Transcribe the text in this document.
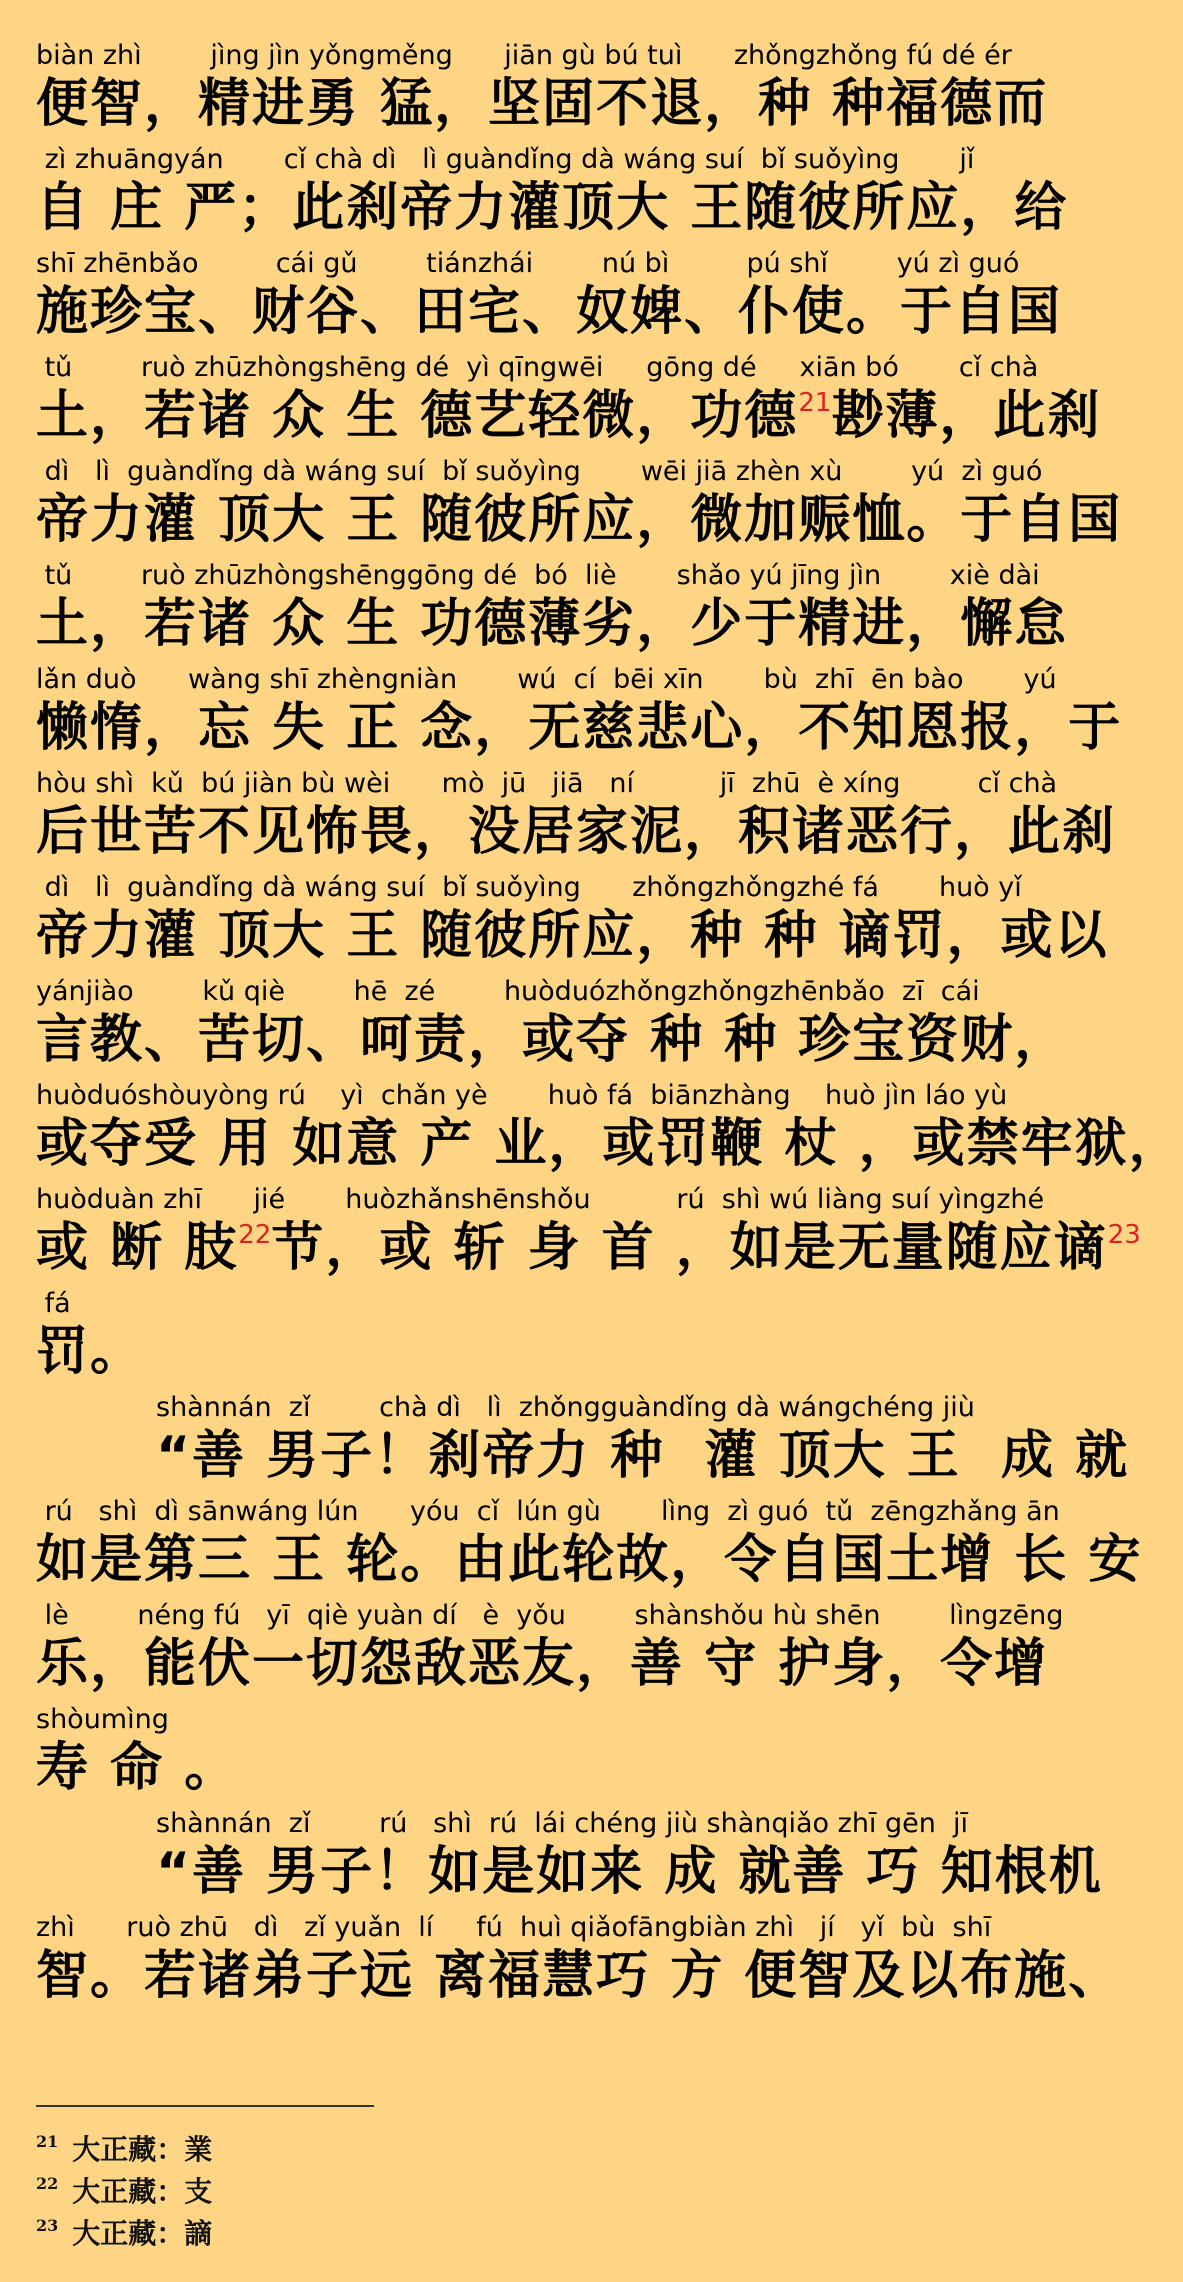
biàn zhì        jìng jìn yǒngměng      jiān gù bú tuì      zhǒngzhǒng fú dé ér
便智，精进勇 猛，坚固不退，种 种福德而
zì zhuāngyán       cǐ chà dì   lì guàndǐng dà wáng suí  bǐ suǒyìng       jǐ
自 庄 严；此刹帝力灌顶大 王随彼所应，给
shī zhēnbǎo         cái gǔ        tiánzhái        nú bì         pú shǐ        yú zì guó
施珍宝、财谷、田宅、奴婢、仆使。于自国
tǔ        ruò zhūzhòngshēng dé  yì qīngwēi     gōng dé     xiān bó       cǐ chà
土，若诸 众 生 德艺轻微，功德$^{21}$尠薄，此刹
dì   lì  guàndǐng dà wáng suí  bǐ suǒyìng       wēi jiā zhèn xù        yú  zì guó
帝力灌 顶大 王 随彼所应，微加赈恤。于自国
tǔ        ruò zhūzhòngshēnggōng dé  bó  liè       shǎo yú jīng jìn        xiè dài
土，若诸 众 生 功德薄劣，少于精进，懈怠
lǎn duò      wàng shī zhèngniàn       wú  cí  bēi xīn       bù  zhī  ēn bào       yú
懒惰，忘 失 正 念，无慈悲心，不知恩报，于
hòu shì  kǔ  bú jiàn bù wèi      mò  jū   jiā   ní          jī  zhū  è xíng         cǐ chà
后世苦不见怖畏，没居家泥，积诸恶行，此刹
dì   lì  guàndǐng dà wáng suí  bǐ suǒyìng      zhǒngzhǒngzhé fá       huò yǐ
帝力灌 顶大 王 随彼所应，种 种 谪罚，或以
yánjiào        kǔ qiè        hē  zé        huòduózhǒngzhǒngzhēnbǎo  zī  cái
言教、苦切、呵责，或夺 种 种 珍宝资财，
huòduóshòuyòng rú    yì  chǎn yè       huò fá  biānzhàng    huò jìn láo yù
或夺受 用 如意 产 业，或罚鞭 杖 ，或禁牢狱，
huòduàn zhī      jié       huòzhǎnshēnshǒu          rú  shì wú liàng suí yìngzhé
或 断 肢$^{22}$节，或 斩 身 首 ，如是无量随应谪$^{23}$
fá
罚。
shànnán  zǐ        chà dì   lì  zhǒngguàndǐng dà wángchéng jiù
“善 男子！刹帝力 种  灌 顶大 王  成 就
rú   shì  dì sānwáng lún      yóu  cǐ  lún gù       lìng  zì guó  tǔ  zēngzhǎng ān
如是第三 王 轮。由此轮故，令自国土增 长 安
lè        néng fú   yī  qiè yuàn dí   è  yǒu        shànshǒu hù shēn        lìngzēng
乐，能伏一切怨敌恶友，善 守 护身，令增
shòumìng
寿 命 。
shànnán  zǐ        rú   shì  rú  lái chéng jiù shànqiǎo zhī gēn  jī
“善 男子！如是如来 成 就善 巧 知根机
zhì      ruò zhū   dì   zǐ yuǎn  lí     fú  huì qiǎofāngbiàn zhì   jí   yǐ  bù  shī
智。若诸弟子远 离福慧巧 方 便智及以布施、
$^{21}$ 大正藏：業
$^{22}$ 大正藏：支
$^{23}$ 大正藏：謫
